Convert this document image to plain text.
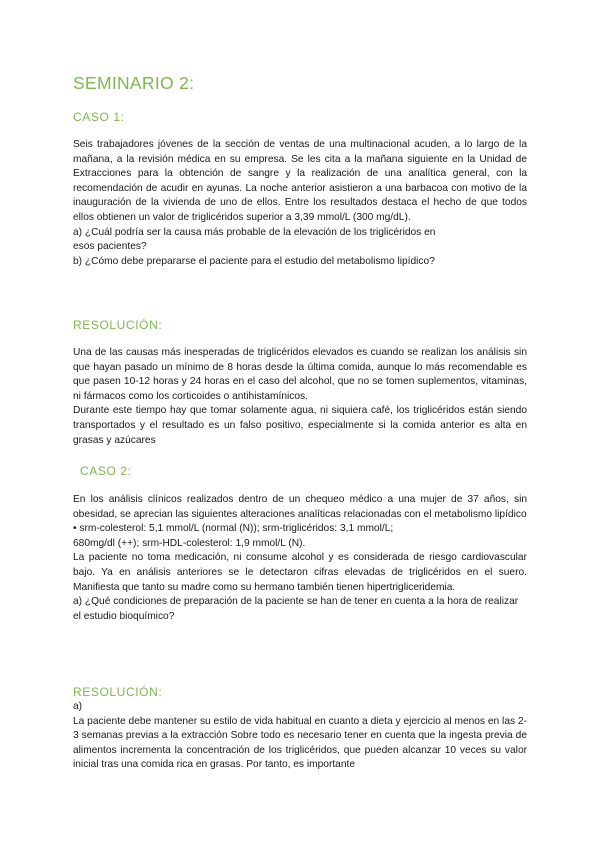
SEMINARIO 2:
CASO 1:

Seis trabajadores jóvenes de la sección de ventas de una multinacional acuden, a lo largo de la mañana, a la revisión médica en su empresa. Se les cita a la mañana siguiente en la Unidad de Extracciones para la obtención de sangre y la realización de una analítica general, con la recomendación de acudir en ayunas. La noche anterior asistieron a una barbacoa con motivo de la inauguración de la vivienda de uno de ellos. Entre los resultados destaca el hecho de que todos ellos obtienen un valor de triglicéridos superior a 3,39 mmol/L (300 mg/dL).

a) ¿Cuál podría ser la causa más probable de la elevación de los triglicéridos en

esos pacientes?

b) ¿Cómo debe prepararse el paciente para el estudio del metabolismo lipídico?

RESOLUCIÓN:

Una de las causas más inesperadas de triglicéridos elevados es cuando se realizan los análisis sin que hayan pasado un mínimo de 8 horas desde la última comida, aunque lo más recomendable es que pasen 10-12 horas y 24 horas en el caso del alcohol, que no se tomen suplementos, vitaminas, ni fármacos como los corticoides o antihistamínicos.

Durante este tiempo hay que tomar solamente agua, ni siquiera café, los triglicéridos están siendo transportados y el resultado es un falso positivo, especialmente si la comida anterior es alta en grasas y azúcares

CASO 2:

En los análisis clínicos realizados dentro de un chequeo médico a una mujer de 37 años, sin obesidad, se aprecian las siguientes alteraciones analíticas relacionadas con el metabolismo lipídico

• srm-colesterol: 5,1 mmol/L (normal (N)); srm-triglicéridos: 3,1 mmol/L;

680mg/dl (++); srm-HDL-colesterol: 1,9 mmol/L (N).

La paciente no toma medicación, ni consume alcohol y es considerada de riesgo cardiovascular bajo. Ya en análisis anteriores se le detectaron cifras elevadas de triglicéridos en el suero. Manifiesta que tanto su madre como su hermano también tienen hipertrigliceridemia.

a) ¿Qué condiciones de preparación de la paciente se han de tener en cuenta a la hora de realizar el estudio bioquímico?

RESOLUCIÓN:

a)

La paciente debe mantener su estilo de vida habitual en cuanto a dieta y ejercicio al menos en las 2-3 semanas previas a la extracción Sobre todo es necesario tener en cuenta que la ingesta previa de alimentos incrementa la concentración de los triglicéridos, que pueden alcanzar 10 veces su valor inicial tras una comida rica en grasas. Por tanto, es importante
